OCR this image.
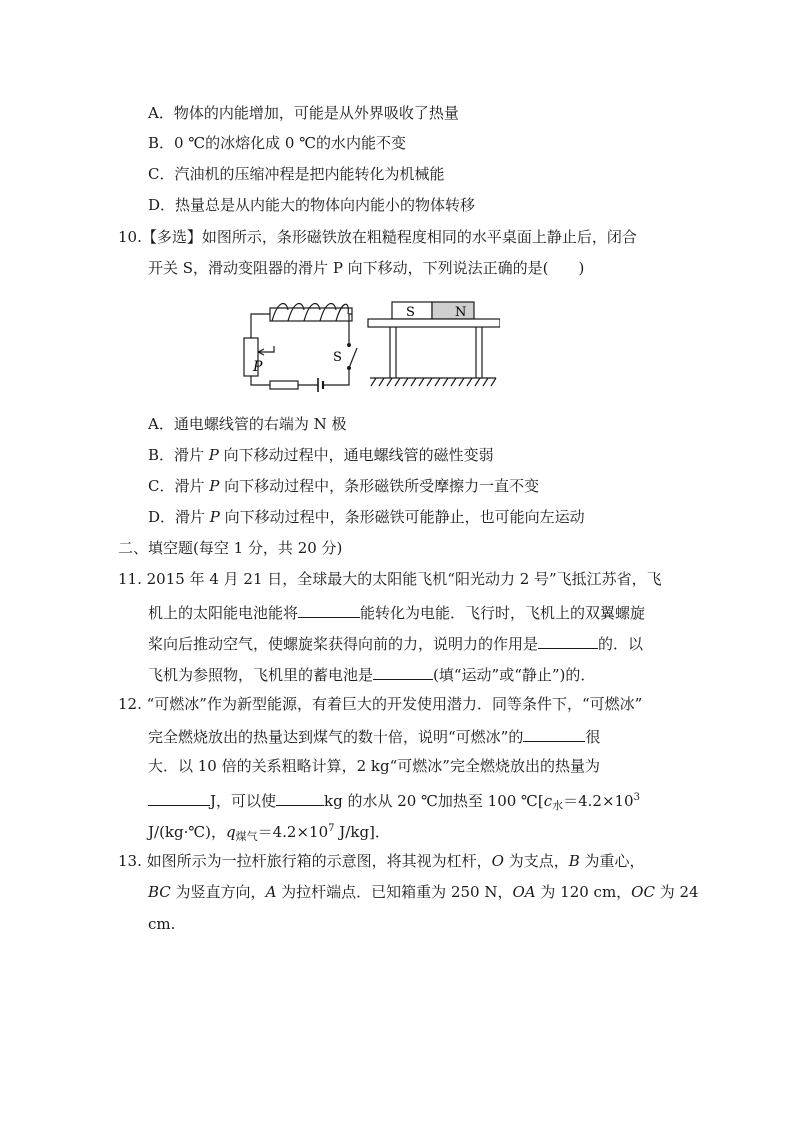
A．物体的内能增加，可能是从外界吸收了热量
B．0 ℃的冰熔化成 0 ℃的水内能不变
C．汽油机的压缩冲程是把内能转化为机械能
D．热量总是从内能大的物体向内能小的物体转移
10.【多选】如图所示，条形磁铁放在粗糙程度相同的水平桌面上静止后，闭合
开关 S，滑动变阻器的滑片 P 向下移动，下列说法正确的是(　　)
P
S
S	N
A．通电螺线管的右端为 N 极
B．滑片 P 向下移动过程中，通电螺线管的磁性变弱
C．滑片 P 向下移动过程中，条形磁铁所受摩擦力一直不变
D．滑片 P 向下移动过程中，条形磁铁可能静止，也可能向左运动
二、填空题(每空 1 分，共 20 分)
11. 2015 年 4 月 21 日，全球最大的太阳能飞机“阳光动力 2 号”飞抵江苏省，飞
机上的太阳能电池能将	能转化为电能．飞行时，飞机上的双翼螺旋
桨向后推动空气，使螺旋桨获得向前的力，说明力的作用是	的．以
飞机为参照物，飞机里的蓄电池是	(填“运动”或“静止”)的．
12. “可燃冰”作为新型能源，有着巨大的开发使用潜力．同等条件下，“可燃冰”
完全燃烧放出的热量达到煤气的数十倍，说明“可燃冰”的	很
大．以 10 倍的关系粗略计算，2 kg“可燃冰”完全燃烧放出的热量为
J，可以使	kg 的水从 20 ℃加热至 100 $℃[c_水=4.2\times 10^3$
J/(kg·℃)，$q_{煤气}=4.2\times 10^7$ J/kg]．
13. 如图所示为一拉杆旅行箱的示意图，将其视为杠杆，O 为支点，B 为重心，
BC 为竖直方向，A 为拉杆端点．已知箱重为 250 N，OA 为 120 cm，OC 为 24
cm.
